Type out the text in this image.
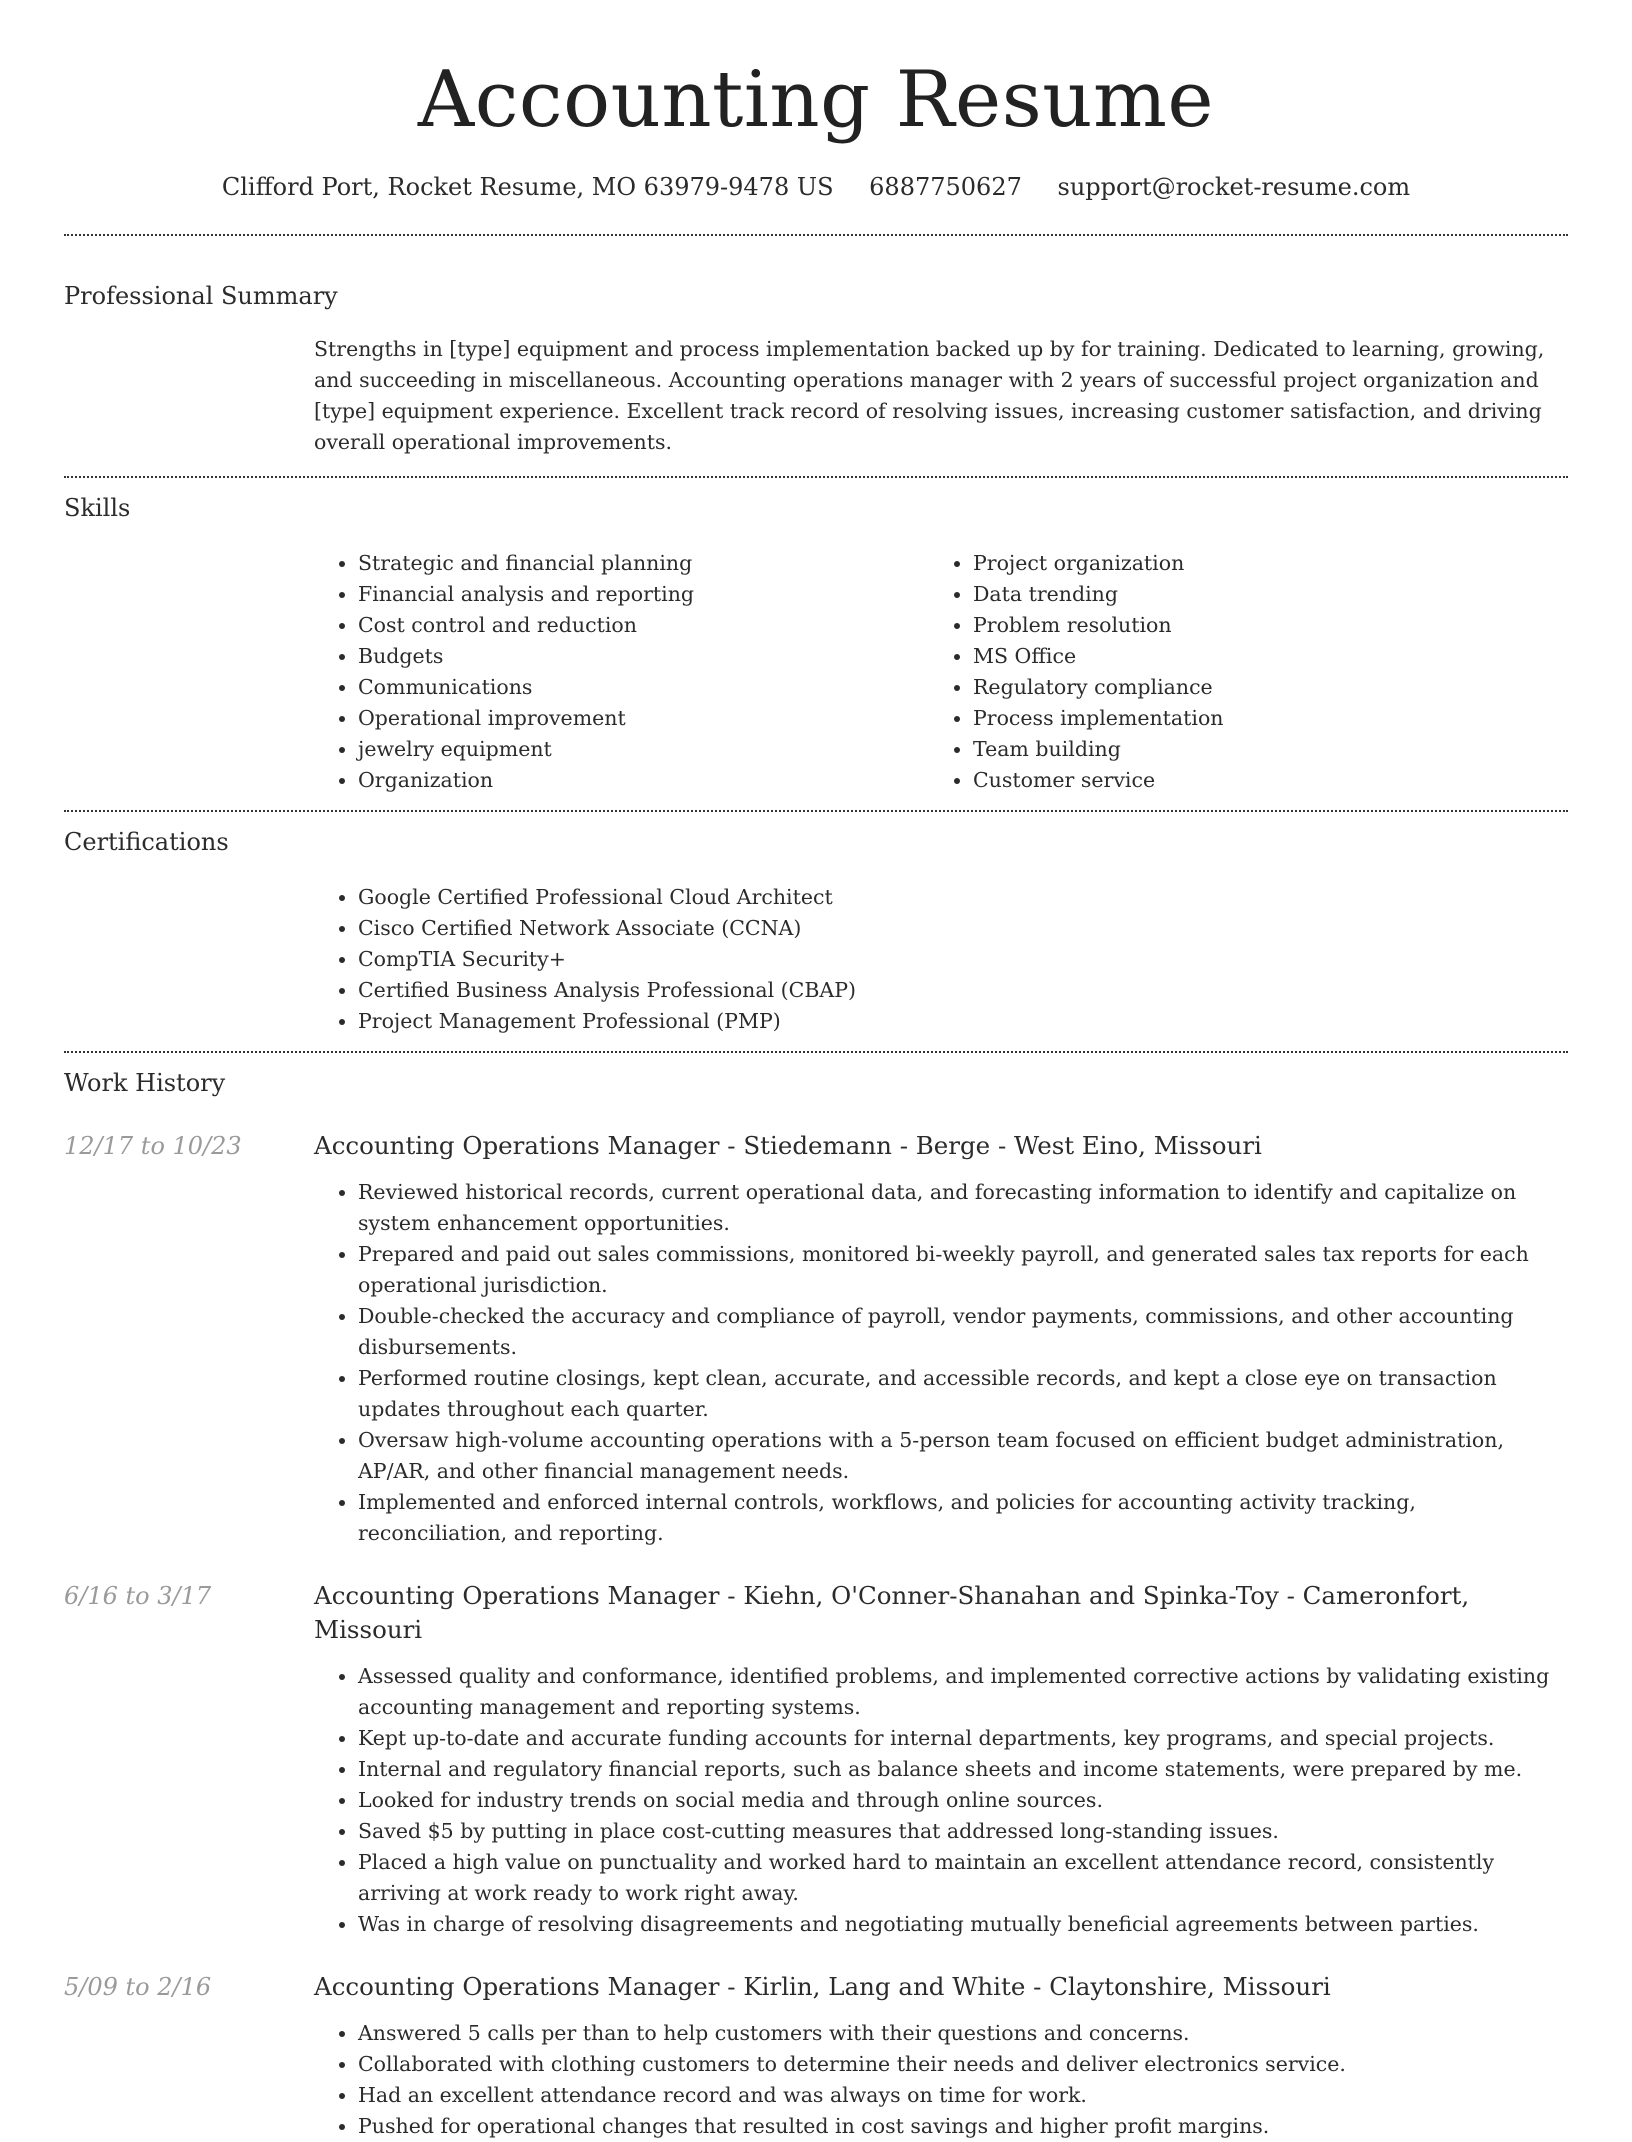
Accounting Resume
Clifford Port, Rocket Resume, MO 63979-9478 US 6887750627 support@rocket-resume.com
Professional Summary

Strengths in [type] equipment and process implementation backed up by for training. Dedicated to learning, growing, and succeeding in miscellaneous. Accounting operations manager with 2 years of successful project organization and [type] equipment experience. Excellent track record of resolving issues, increasing customer satisfaction, and driving overall operational improvements.

Skills
• Strategic and financial planning
• Financial analysis and reporting
• Cost control and reduction
• Budgets
• Communications
• Operational improvement
• jewelry equipment
• Organization
• Project organization
• Data trending
• Problem resolution
• MS Office
• Regulatory compliance
• Process implementation
• Team building
• Customer service
Certifications
• Google Certified Professional Cloud Architect
• Cisco Certified Network Associate (CCNA)
• CompTIA Security+
• Certified Business Analysis Professional (CBAP)
• Project Management Professional (PMP)
Work History
12/17 to 10/23	Accounting Operations Manager - Stiedemann - Berge - West Eino, Missouri
• Reviewed historical records, current operational data, and forecasting information to identify and capitalize on system enhancement opportunities.
• Prepared and paid out sales commissions, monitored bi-weekly payroll, and generated sales tax reports for each operational jurisdiction.
• Double-checked the accuracy and compliance of payroll, vendor payments, commissions, and other accounting disbursements.
• Performed routine closings, kept clean, accurate, and accessible records, and kept a close eye on transaction updates throughout each quarter.
• Oversaw high-volume accounting operations with a 5-person team focused on efficient budget administration, AP/AR, and other financial management needs.
• Implemented and enforced internal controls, workflows, and policies for accounting activity tracking, reconciliation, and reporting.
6/16 to 3/17	Accounting Operations Manager - Kiehn, O'Conner-Shanahan and Spinka-Toy - Cameronfort, Missouri
• Assessed quality and conformance, identified problems, and implemented corrective actions by validating existing accounting management and reporting systems.
• Kept up-to-date and accurate funding accounts for internal departments, key programs, and special projects.
• Internal and regulatory financial reports, such as balance sheets and income statements, were prepared by me.
• Looked for industry trends on social media and through online sources.
• Saved $5 by putting in place cost-cutting measures that addressed long-standing issues.
• Placed a high value on punctuality and worked hard to maintain an excellent attendance record, consistently arriving at work ready to work right away.
• Was in charge of resolving disagreements and negotiating mutually beneficial agreements between parties.
5/09 to 2/16	Accounting Operations Manager - Kirlin, Lang and White - Claytonshire, Missouri
• Answered 5 calls per than to help customers with their questions and concerns.
• Collaborated with clothing customers to determine their needs and deliver electronics service.
• Had an excellent attendance record and was always on time for work.
• Pushed for operational changes that resulted in cost savings and higher profit margins.
